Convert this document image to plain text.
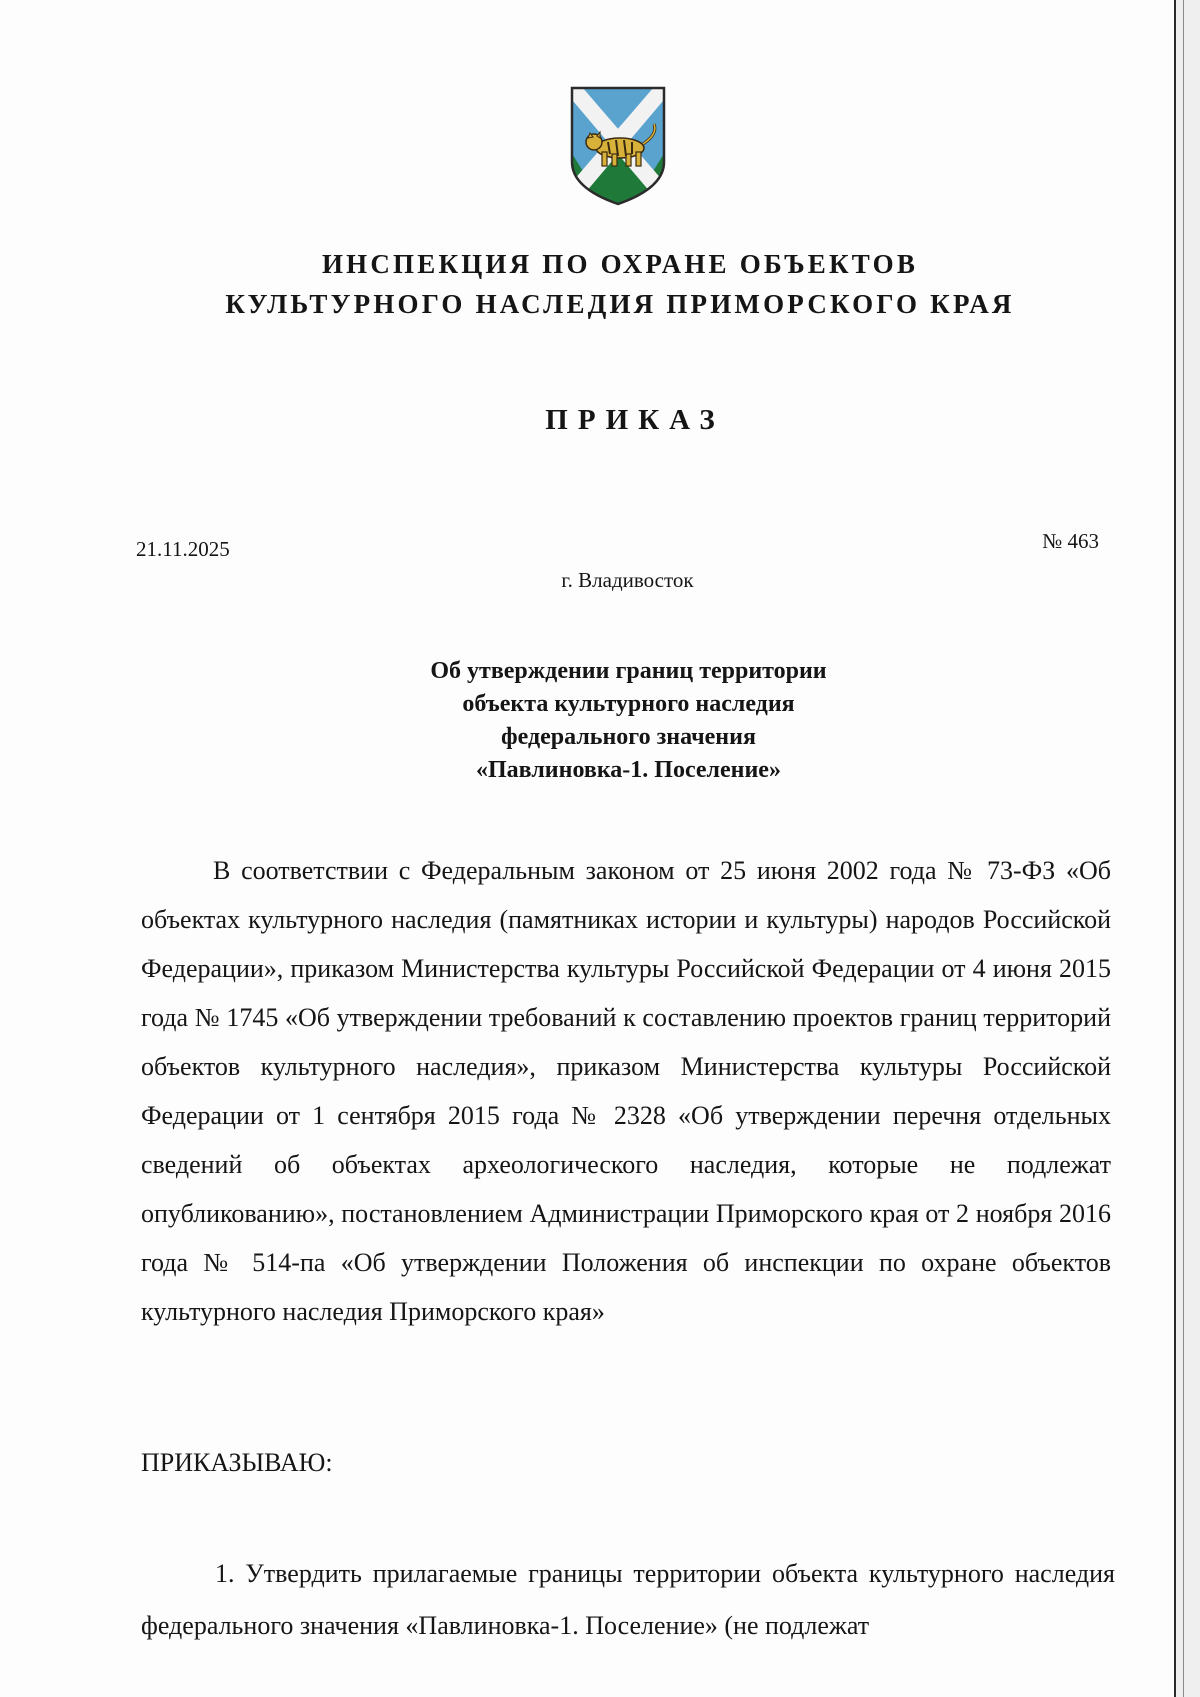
ИНСПЕКЦИЯ ПО ОХРАНЕ ОБЪЕКТОВ
КУЛЬТУРНОГО НАСЛЕДИЯ ПРИМОРСКОГО КРАЯ
ПРИКАЗ
21.11.2025	№ 463
г. Владивосток
Об утверждении границ территории
объекта культурного наследия
федерального значения
«Павлиновка-1. Поселение»

В соответствии с Федеральным законом от 25 июня 2002 года № 73-ФЗ «Об объектах культурного наследия (памятниках истории и культуры) народов Российской Федерации», приказом Министерства культуры Российской Федерации от 4 июня 2015 года № 1745 «Об утверждении требований к составлению проектов границ территорий объектов культурного наследия», приказом Министерства культуры Российской Федерации от 1 сентября 2015 года № 2328 «Об утверждении перечня отдельных сведений об объектах археологического наследия, которые не подлежат опубликованию», постановлением Администрации Приморского края от 2 ноября 2016 года № 514-па «Об утверждении Положения об инспекции по охране объектов культурного наследия Приморского края»

ПРИКАЗЫВАЮ:

1. Утвердить прилагаемые границы территории объекта культурного наследия федерального значения «Павлиновка-1. Поселение» (не подлежат
